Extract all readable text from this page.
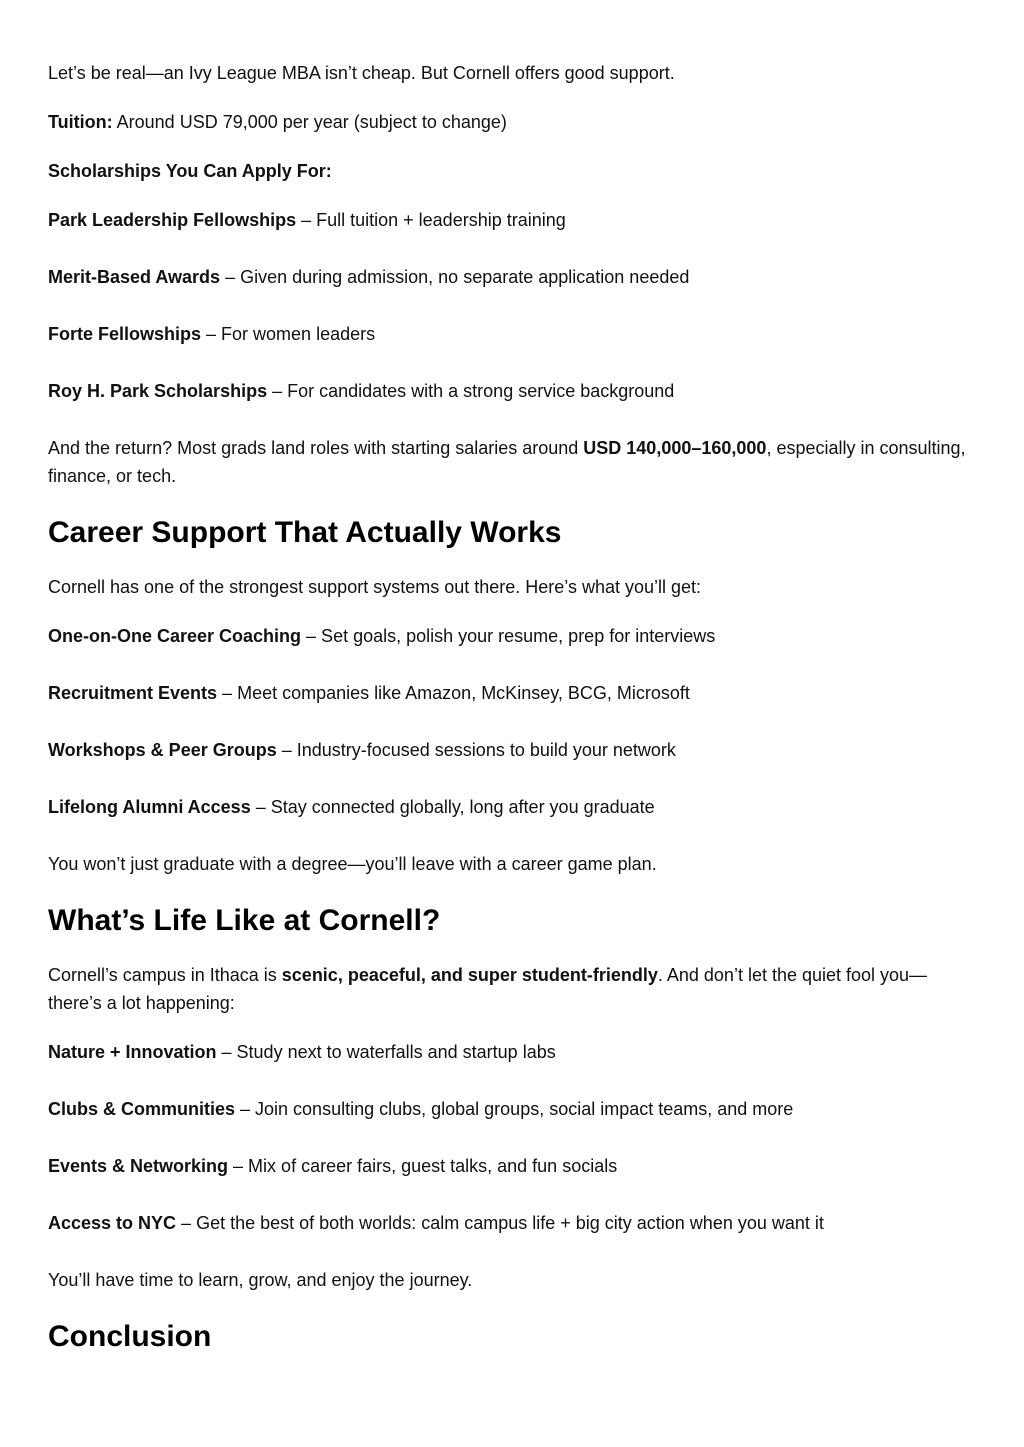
Let’s be real—an Ivy League MBA isn’t cheap. But Cornell offers good support.

Tuition: Around USD 79,000 per year (subject to change)

Scholarships You Can Apply For:

Park Leadership Fellowships – Full tuition + leadership training

Merit-Based Awards – Given during admission, no separate application needed

Forte Fellowships – For women leaders

Roy H. Park Scholarships – For candidates with a strong service background

And the return? Most grads land roles with starting salaries around USD 140,000–160,000, especially in consulting, finance, or tech.

Career Support That Actually Works

Cornell has one of the strongest support systems out there. Here’s what you’ll get:

One-on-One Career Coaching – Set goals, polish your resume, prep for interviews

Recruitment Events – Meet companies like Amazon, McKinsey, BCG, Microsoft

Workshops & Peer Groups – Industry-focused sessions to build your network

Lifelong Alumni Access – Stay connected globally, long after you graduate

You won’t just graduate with a degree—you’ll leave with a career game plan.

What’s Life Like at Cornell?

Cornell’s campus in Ithaca is scenic, peaceful, and super student-friendly. And don’t let the quiet fool you—there’s a lot happening:

Nature + Innovation – Study next to waterfalls and startup labs

Clubs & Communities – Join consulting clubs, global groups, social impact teams, and more

Events & Networking – Mix of career fairs, guest talks, and fun socials

Access to NYC – Get the best of both worlds: calm campus life + big city action when you want it

You’ll have time to learn, grow, and enjoy the journey.

Conclusion
